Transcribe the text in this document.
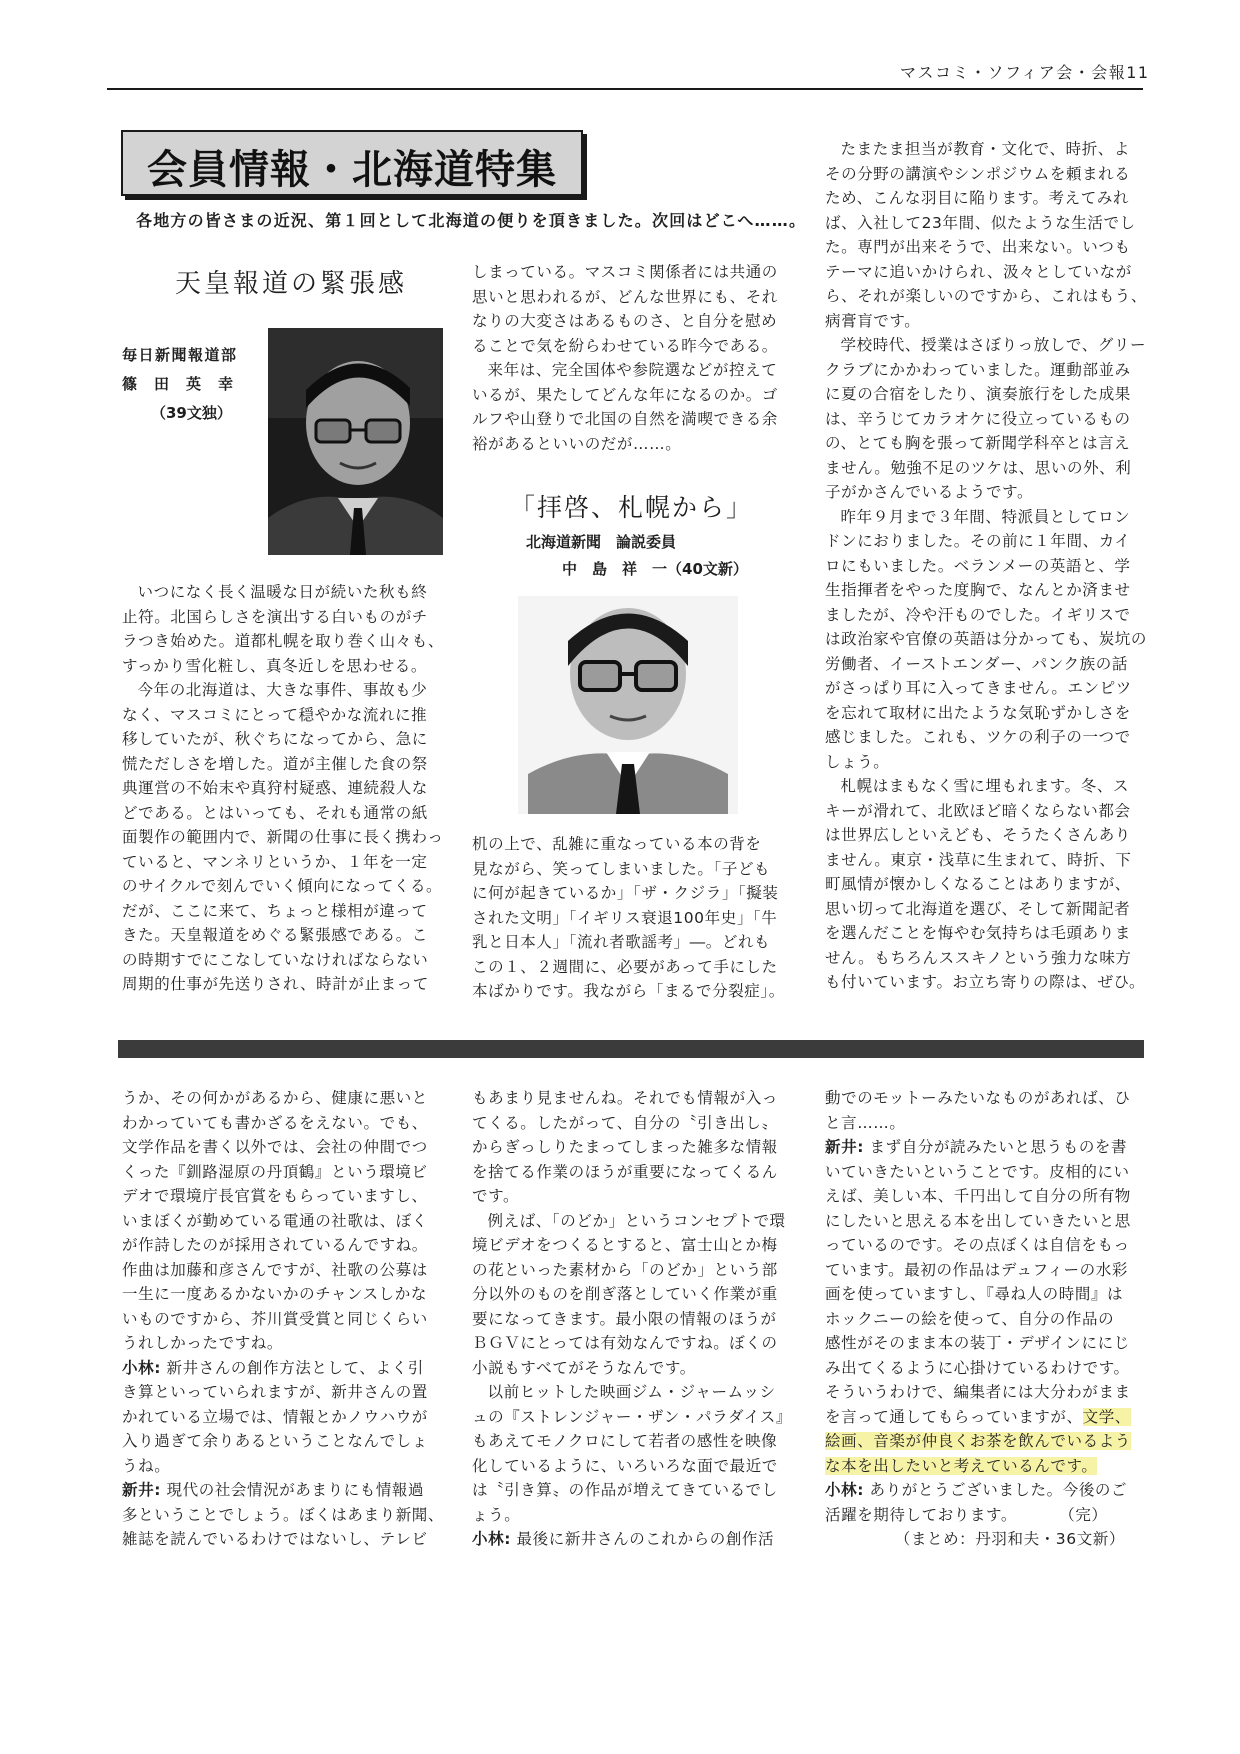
マスコミ・ソフィア会・会報11
会員情報・北海道特集
各地方の皆さまの近況、第１回として北海道の便りを頂きました。次回はどこへ……。
天皇報道の緊張感
毎日新聞報道部
篠　田　英　幸
（39文独）
いつになく長く温暖な日が続いた秋も終
止符。北国らしさを演出する白いものがチ
ラつき始めた。道都札幌を取り巻く山々も、
すっかり雪化粧し、真冬近しを思わせる。
今年の北海道は、大きな事件、事故も少
なく、マスコミにとって穏やかな流れに推
移していたが、秋ぐちになってから、急に
慌ただしさを増した。道が主催した食の祭
典運営の不始末や真狩村疑惑、連続殺人な
どである。とはいっても、それも通常の紙
面製作の範囲内で、新聞の仕事に長く携わっ
ていると、マンネリというか、１年を一定
のサイクルで刻んでいく傾向になってくる。
だが、ここに来て、ちょっと様相が違って
きた。天皇報道をめぐる緊張感である。こ
の時期すでにこなしていなければならない
周期的仕事が先送りされ、時計が止まって
しまっている。マスコミ関係者には共通の
思いと思われるが、どんな世界にも、それ
なりの大変さはあるものさ、と自分を慰め
ることで気を紛らわせている昨今である。
来年は、完全国体や参院選などが控えて
いるが、果たしてどんな年になるのか。ゴ
ルフや山登りで北国の自然を満喫できる余
裕があるといいのだが……。
「拝啓、札幌から」
北海道新聞　論説委員
中　島　祥　一（40文新）
机の上で、乱雑に重なっている本の背を
見ながら、笑ってしまいました。「子ども
に何が起きているか」「ザ・クジラ」「擬装
された文明」「イギリス衰退100年史」「牛
乳と日本人」「流れ者歌謡考」―。どれも
この１、２週間に、必要があって手にした
本ばかりです。我ながら「まるで分裂症」。
たまたま担当が教育・文化で、時折、よ
その分野の講演やシンポジウムを頼まれる
ため、こんな羽目に陥ります。考えてみれ
ば、入社して23年間、似たような生活でし
た。専門が出来そうで、出来ない。いつも
テーマに追いかけられ、汲々としていなが
ら、それが楽しいのですから、これはもう、
病膏肓です。
学校時代、授業はさぼりっ放しで、グリー
クラブにかかわっていました。運動部並み
に夏の合宿をしたり、演奏旅行をした成果
は、辛うじてカラオケに役立っているもの
の、とても胸を張って新聞学科卒とは言え
ません。勉強不足のツケは、思いの外、利
子がかさんでいるようです。
昨年９月まで３年間、特派員としてロン
ドンにおりました。その前に１年間、カイ
ロにもいました。ベランメーの英語と、学
生指揮者をやった度胸で、なんとか済ませ
ましたが、冷や汗ものでした。イギリスで
は政治家や官僚の英語は分かっても、炭坑の
労働者、イーストエンダー、パンク族の話
がさっぱり耳に入ってきません。エンピツ
を忘れて取材に出たような気恥ずかしさを
感じました。これも、ツケの利子の一つで
しょう。
札幌はまもなく雪に埋もれます。冬、ス
キーが滑れて、北欧ほど暗くならない都会
は世界広しといえども、そうたくさんあり
ません。東京・浅草に生まれて、時折、下
町風情が懐かしくなることはありますが、
思い切って北海道を選び、そして新聞記者
を選んだことを悔やむ気持ちは毛頭ありま
せん。もちろんススキノという強力な味方
も付いています。お立ち寄りの際は、ぜひ。
うか、その何かがあるから、健康に悪いと
わかっていても書かざるをえない。でも、
文学作品を書く以外では、会社の仲間でつ
くった『釧路湿原の丹頂鶴』という環境ビ
デオで環境庁長官賞をもらっていますし、
いまぼくが勤めている電通の社歌は、ぼく
が作詩したのが採用されているんですね。
作曲は加藤和彦さんですが、社歌の公募は
一生に一度あるかないかのチャンスしかな
いものですから、芥川賞受賞と同じくらい
うれしかったですね。
小林: 新井さんの創作方法として、よく引
き算といっていられますが、新井さんの置
かれている立場では、情報とかノウハウが
入り過ぎて余りあるということなんでしょ
うね。
新井: 現代の社会情況があまりにも情報過
多ということでしょう。ぼくはあまり新聞、
雑誌を読んでいるわけではないし、テレビ
もあまり見ませんね。それでも情報が入っ
てくる。したがって、自分の〝引き出し〟
からぎっしりたまってしまった雑多な情報
を捨てる作業のほうが重要になってくるん
です。
例えば、「のどか」というコンセプトで環
境ビデオをつくるとすると、富士山とか梅
の花といった素材から「のどか」という部
分以外のものを削ぎ落としていく作業が重
要になってきます。最小限の情報のほうが
ＢＧＶにとっては有効なんですね。ぼくの
小説もすべてがそうなんです。
以前ヒットした映画ジム・ジャームッシ
ュの『ストレンジャー・ザン・パラダイス』
もあえてモノクロにして若者の感性を映像
化しているように、いろいろな面で最近で
は〝引き算〟の作品が増えてきているでし
ょう。
小林: 最後に新井さんのこれからの創作活
動でのモットーみたいなものがあれば、ひ
と言……。
新井: まず自分が読みたいと思うものを書
いていきたいということです。皮相的にい
えば、美しい本、千円出して自分の所有物
にしたいと思える本を出していきたいと思
っているのです。その点ぼくは自信をもっ
ています。最初の作品はデュフィーの水彩
画を使っていますし、『尋ね人の時間』は
ホックニーの絵を使って、自分の作品の
感性がそのまま本の装丁・デザインににじ
み出てくるように心掛けているわけです。
そういうわけで、編集者には大分わがまま
を言って通してもらっていますが、文学、
絵画、音楽が仲良くお茶を飲んでいるよう
な本を出したいと考えているんです。
小林: ありがとうございました。今後のご
活躍を期待しております。	（完）
（まとめ：丹羽和夫・36文新）
